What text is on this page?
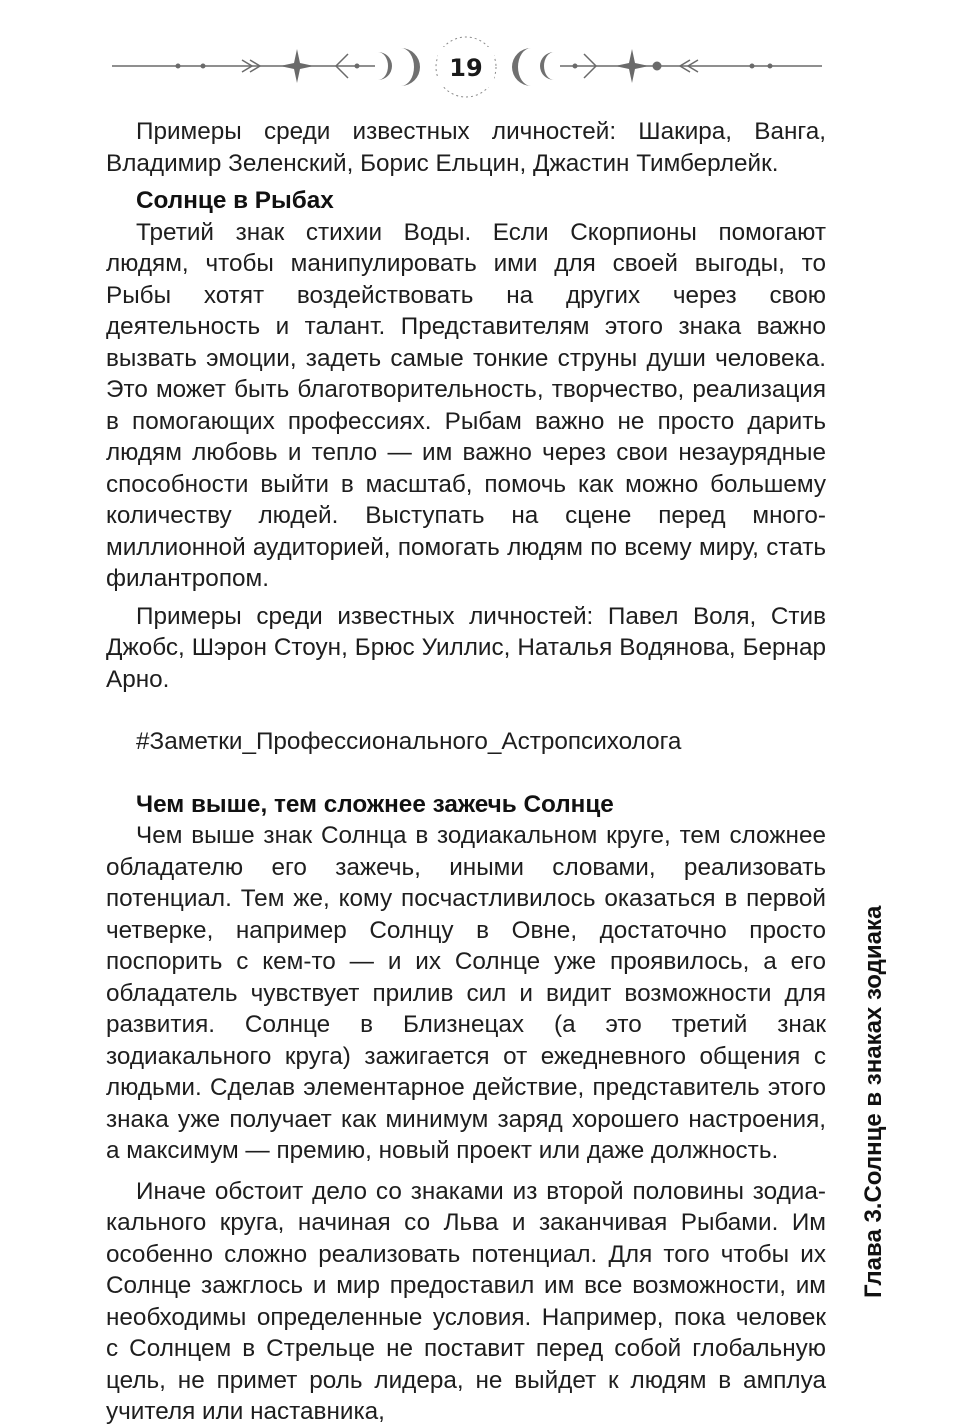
19

Примеры среди известных личностей: Шакира, Ванга, Владимир Зеленский, Борис Ельцин, Джастин Тимберлейк.

Солнце в Рыбах

Третий знак стихии Воды. Если Скорпионы помогают людям, чтобы манипулировать ими для своей выгоды, то Рыбы хотят воздействовать на других через свою деятельность и талант. Представителям этого знака важно вызвать эмоции, задеть самые тонкие струны души человека. Это может быть благотворительность, творчество, реализация в помогающих профессиях. Рыбам важно не просто дарить людям любовь и тепло — им важно через свои незаурядные способности выйти в масштаб, помочь как можно большему количеству людей. Выступать на сцене перед многомиллионной аудиторией, помогать людям по всему миру, стать филантропом.

Примеры среди известных личностей: Павел Воля, Стив Джобс, Шэрон Стоун, Брюс Уиллис, Наталья Водянова, Бернар Арно.

#Заметки_Профессионального_Астропсихолога

Чем выше, тем сложнее зажечь Солнце

Чем выше знак Солнца в зодиакальном круге, тем сложнее обладателю его зажечь, иными словами, реализовать потенциал. Тем же, кому посчастливилось оказаться в первой четверке, например Солнцу в Овне, достаточно просто поспорить с кем-то — и их Солнце уже проявилось, а его обладатель чувствует прилив сил и видит возможности для развития. Солнце в Близнецах (а это третий знак зодиакального круга) зажигается от ежедневного общения с людьми. Сделав элементарное действие, представитель этого знака уже получает как минимум заряд хорошего настроения, а максимум — премию, новый проект или даже должность.

Иначе обстоит дело со знаками из второй половины зодиакального круга, начиная со Льва и заканчивая Рыбами. Им особенно сложно реализовать потенциал. Для того чтобы их Солнце зажглось и мир предоставил им все возможности, им необходимы определенные условия. Например, пока человек с Солнцем в Стрельце не поставит перед собой глобальную цель, не примет роль лидера, не выйдет к людям в амплуа учителя или наставника,

Глава 3.Солнце в знаках зодиака
